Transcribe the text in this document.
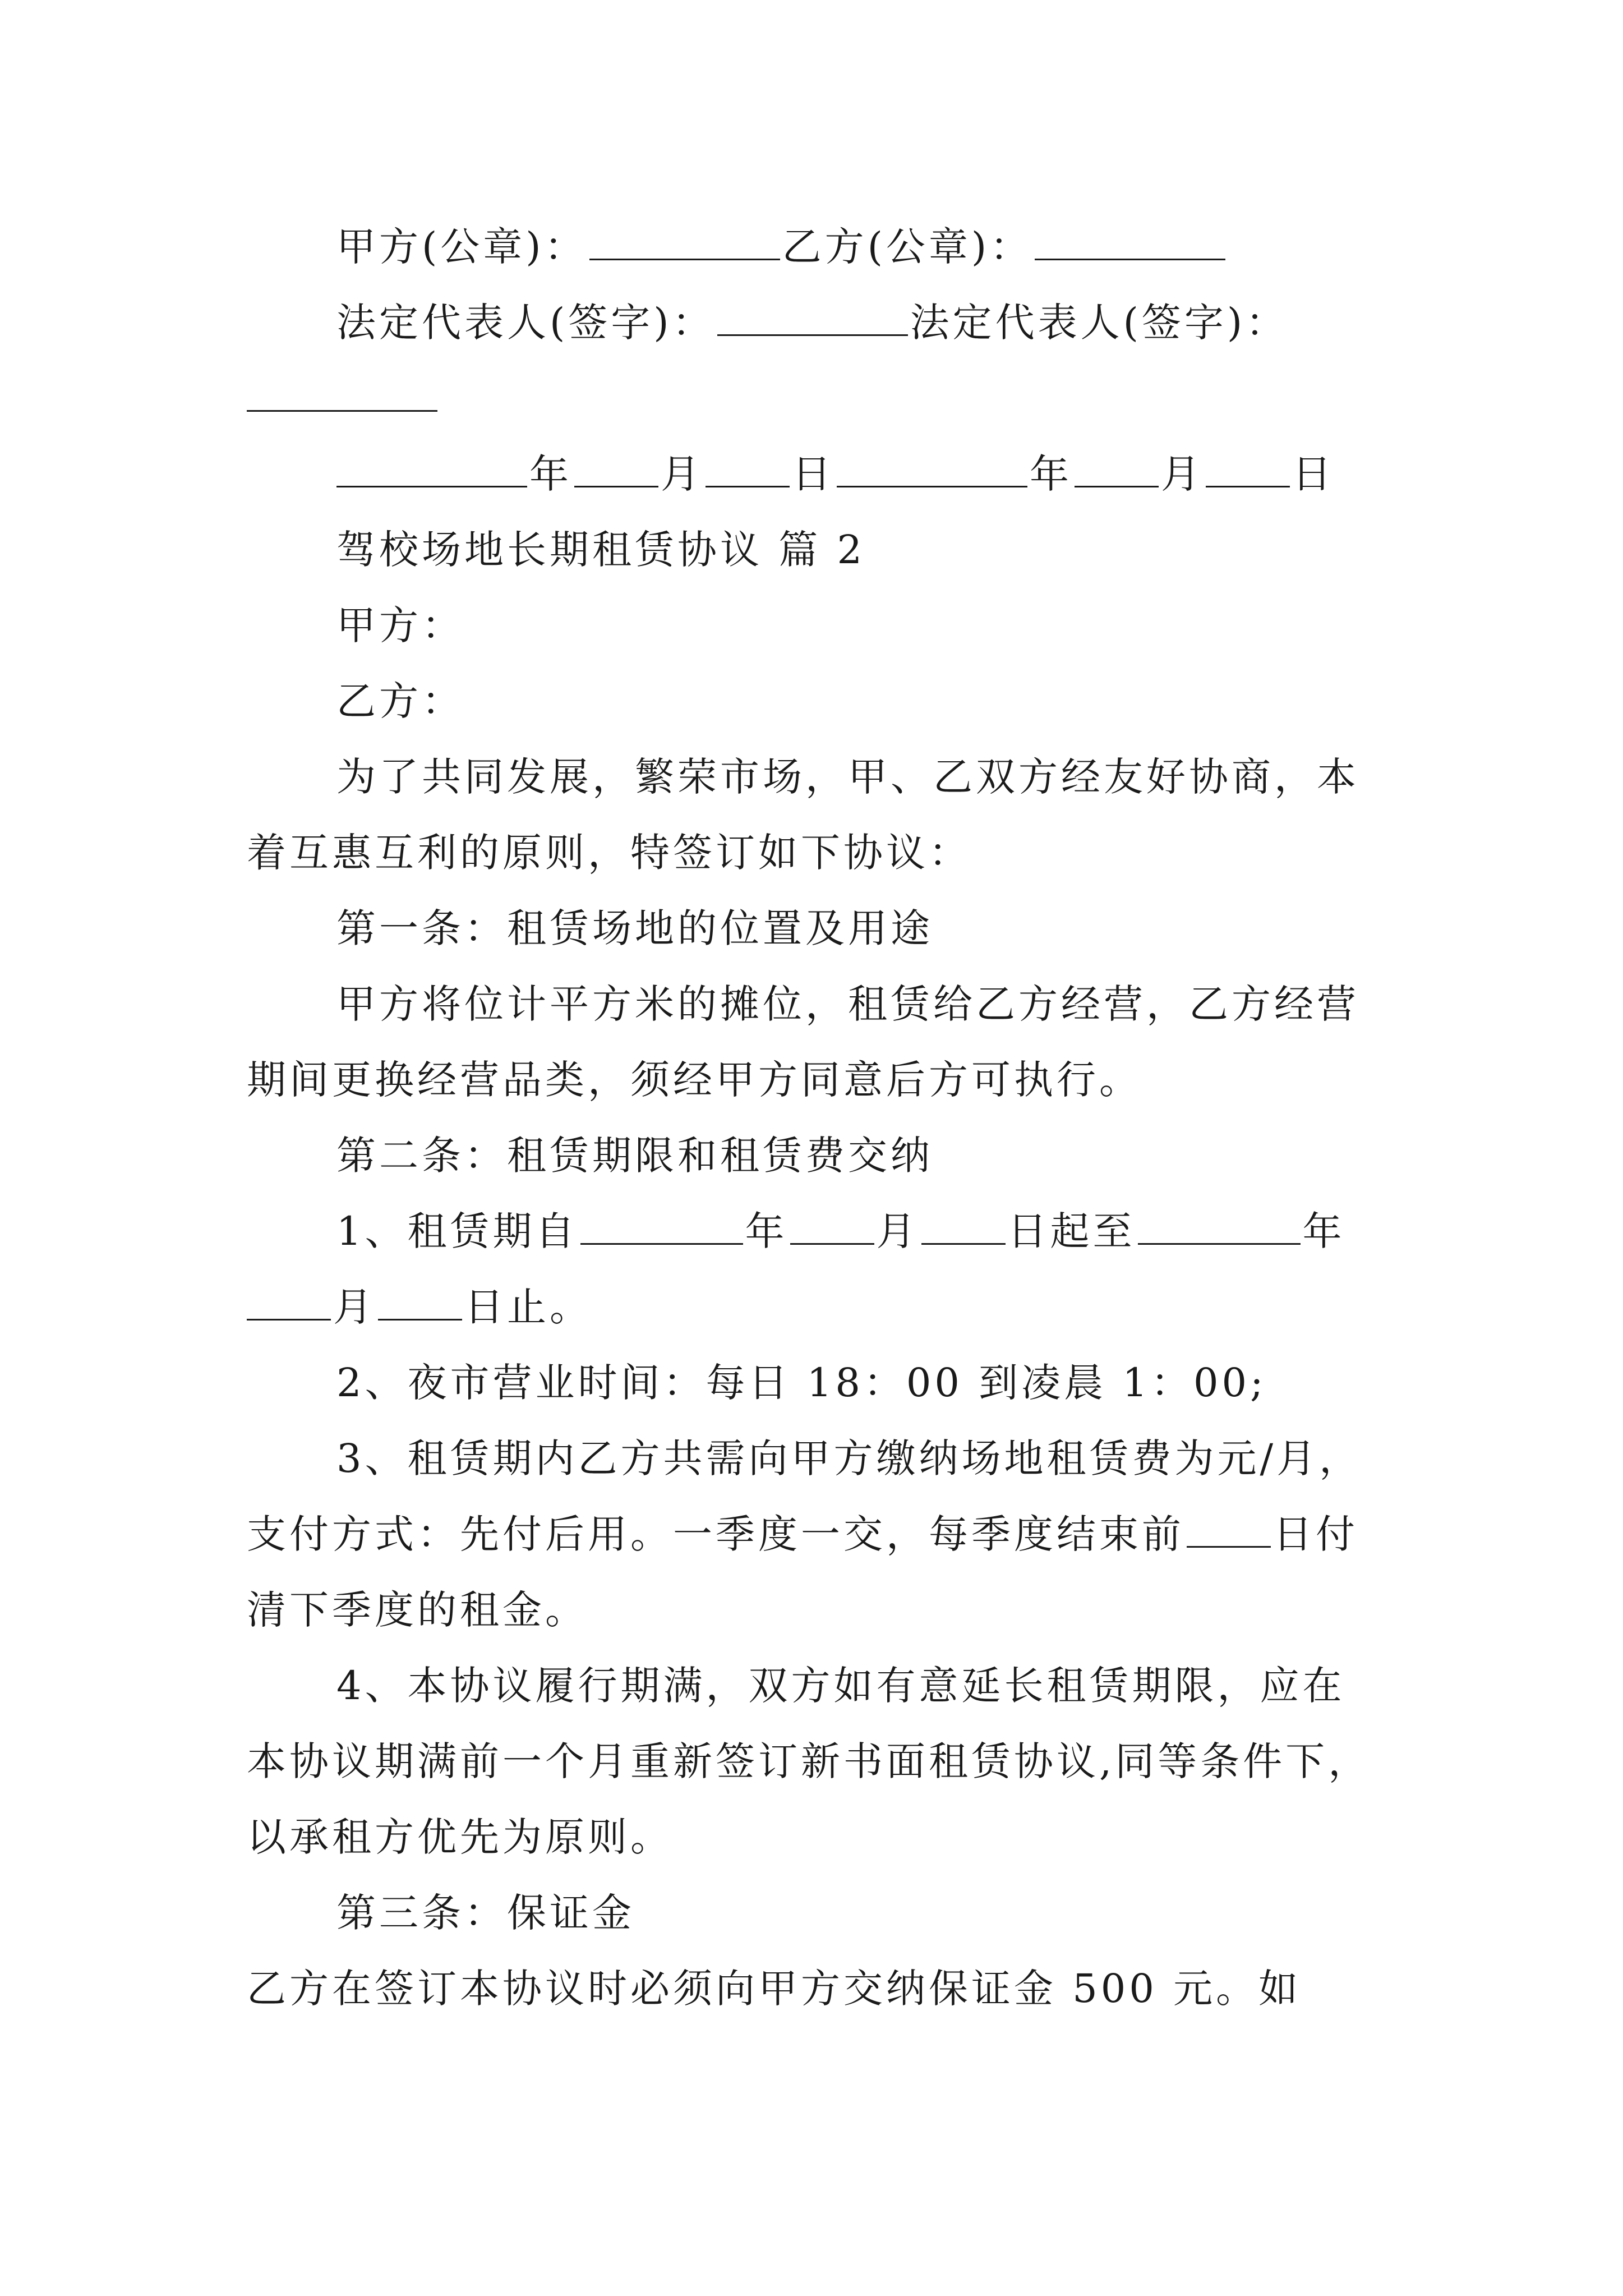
甲方(公章)：	乙方(公章)：
法定代表人(签字)：	法定代表人(签字)：
年 月 日	年 月 日
驾校场地长期租赁协议 篇 2
甲方：
乙方：
为了共同发展，繁荣市场，甲、乙双方经友好协商，本
着互惠互利的原则，特签订如下协议：
第一条：租赁场地的位置及用途
甲方将位计平方米的摊位，租赁给乙方经营，乙方经营
期间更换经营品类，须经甲方同意后方可执行。
第二条：租赁期限和租赁费交纳
1、租赁期自	年 月 日起至	年
月 日止。
2、夜市营业时间：每日 18：00 到凌晨 1：00;
3、租赁期内乙方共需向甲方缴纳场地租赁费为元/月，
支付方式：先付后用。一季度一交，每季度结束前 日付
清下季度的租金。
4、本协议履行期满，双方如有意延长租赁期限，应在
本协议期满前一个月重新签订新书面租赁协议,同等条件下，
以承租方优先为原则。
第三条：保证金
乙方在签订本协议时必须向甲方交纳保证金 500 元。如
